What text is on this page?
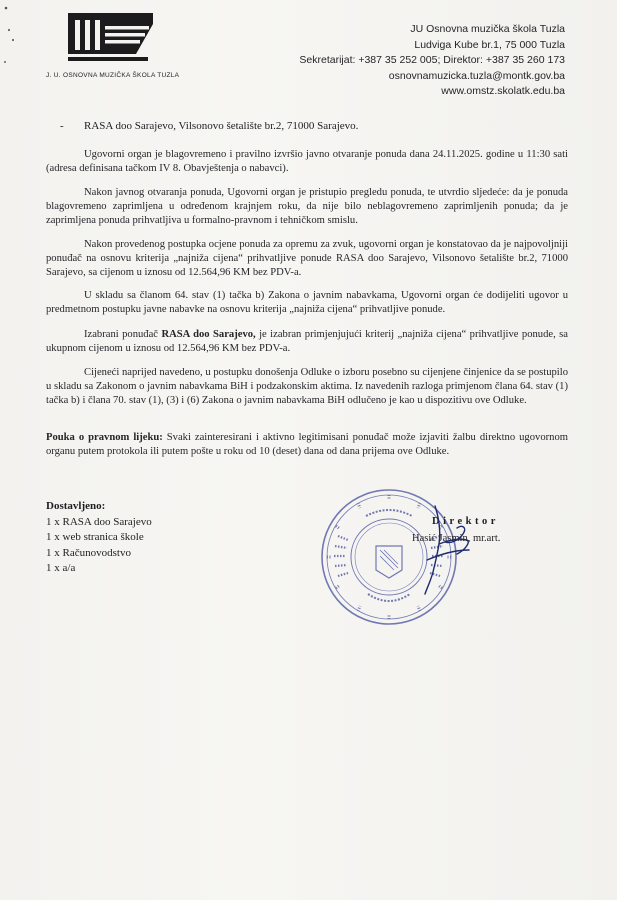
J. U. OSNOVNA MUZIČKA ŠKOLA TUZLA
JU Osnovna muzička škola Tuzla
Ludviga Kube br.1, 75 000 Tuzla
Sekretarijat: +387 35 252 005; Direktor: +387 35 260 173
osnovnamuzicka.tuzla@montk.gov.ba
www.omstz.skolatk.edu.ba
- RASA doo Sarajevo, Vilsonovo šetalište br.2, 71000 Sarajevo.

Ugovorni organ je blagovremeno i pravilno izvršio javno otvaranje ponuda dana 24.11.2025. godine u 11:30 sati (adresa definisana tačkom IV 8. Obavještenja o nabavci).

Nakon javnog otvaranja ponuda, Ugovorni organ je pristupio pregledu ponuda, te utvrdio sljedeće: da je ponuda blagovremeno zaprimljena u određenom krajnjem roku, da nije bilo neblagovremeno zaprimljenih ponuda; da je zaprimljena ponuda prihvatljiva u formalno-pravnom i tehničkom smislu.

Nakon provedenog postupka ocjene ponuda za opremu za zvuk, ugovorni organ je konstatovao da je najpovoljniji ponuđač na osnovu kriterija „najniža cijena“ prihvatljive ponude RASA doo Sarajevo, Vilsonovo šetalište br.2, 71000 Sarajevo, sa cijenom u iznosu od 12.564,96 KM bez PDV-a.

U skladu sa članom 64. stav (1) tačka b) Zakona o javnim nabavkama, Ugovorni organ će dodijeliti ugovor u predmetnom postupku javne nabavke na osnovu kriterija „najniža cijena“ prihvatljive ponude.

Izabrani ponuđač RASA doo Sarajevo, je izabran primjenjujući kriterij „najniža cijena“ prihvatljive ponude, sa ukupnom cijenom u iznosu od 12.564,96 KM bez PDV-a.

Cijeneći naprijed navedeno, u postupku donošenja Odluke o izboru posebno su cijenjene činjenice da se postupilo u skladu sa Zakonom o javnim nabavkama BiH i podzakonskim aktima. Iz navedenih razloga primjenom člana 64. stav (1) tačka b) i člana 70. stav (1), (3) i (6) Zakona o javnim nabavkama BiH odlučeno je kao u dispozitivu ove Odluke.

Pouka o pravnom lijeku: Svaki zainteresirani i aktivno legitimisani ponuđač može izjaviti žalbu direktno ugovornom organu putem protokola ili putem pošte u roku od 10 (deset) dana od dana prijema ove Odluke.

Dostavljeno:
1 x RASA doo Sarajevo
1 x web stranica škole
1 x Računovodstvo
1 x a/a
Direktor
Hasić Jasmin, mr.art.
